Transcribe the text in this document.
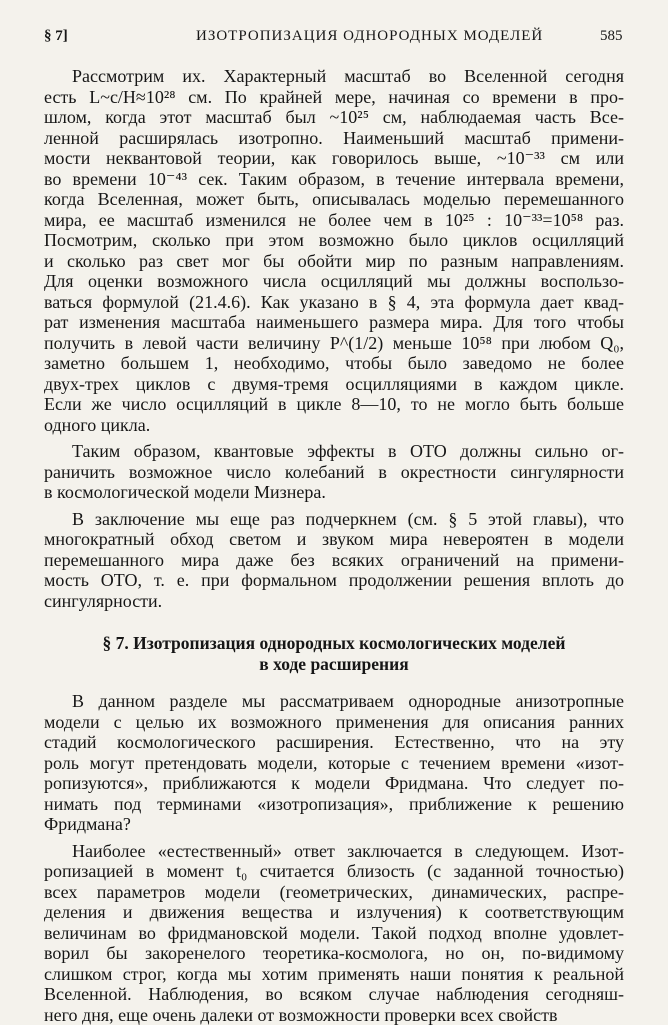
§ 7]	ИЗОТРОПИЗАЦИЯ ОДНОРОДНЫХ МОДЕЛЕЙ	585
Рассмотрим их. Характерный масштаб во Вселенной сегодня
есть L~c/H≈10²⁸ см. По крайней мере, начиная со времени в про-
шлом, когда этот масштаб был ~10²⁵ см, наблюдаемая часть Все-
ленной расширялась изотропно. Наименьший масштаб примени-
мости неквантовой теории, как говорилось выше, ~10⁻³³ см или
во времени 10⁻⁴³ сек. Таким образом, в течение интервала времени,
когда Вселенная, может быть, описывалась моделью перемешанного
мира, ее масштаб изменился не более чем в 10²⁵ : 10⁻³³=10⁵⁸ раз.
Посмотрим, сколько при этом возможно было циклов осцилляций
и сколько раз свет мог бы обойти мир по разным направлениям.
Для оценки возможного числа осцилляций мы должны воспользо-
ваться формулой (21.4.6). Как указано в § 4, эта формула дает квад-
рат изменения масштаба наименьшего размера мира. Для того чтобы
получить в левой части величину P^(1/2) меньше 10⁵⁸ при любом Q₀,
заметно большем 1, необходимо, чтобы было заведомо не более
двух-трех циклов с двумя-тремя осцилляциями в каждом цикле.
Если же число осцилляций в цикле 8—10, то не могло быть больше
одного цикла.
Таким образом, квантовые эффекты в ОТО должны сильно ог-
раничить возможное число колебаний в окрестности сингулярности
в космологической модели Мизнера.
В заключение мы еще раз подчеркнем (см. § 5 этой главы), что
многократный обход светом и звуком мира невероятен в модели
перемешанного мира даже без всяких ограничений на примени-
мость ОТО, т. е. при формальном продолжении решения вплоть до
сингулярности.
§ 7. Изотропизация однородных космологических моделей
в ходе расширения
В данном разделе мы рассматриваем однородные анизотропные
модели с целью их возможного применения для описания ранних
стадий космологического расширения. Естественно, что на эту
роль могут претендовать модели, которые с течением времени «изот-
ропизуются», приближаются к модели Фридмана. Что следует по-
нимать под терминами «изотропизация», приближение к решению
Фридмана?
Наиболее «естественный» ответ заключается в следующем. Изот-
ропизацией в момент t₀ считается близость (с заданной точностью)
всех параметров модели (геометрических, динамических, распре-
деления и движения вещества и излучения) к соответствующим
величинам во фридмановской модели. Такой подход вполне удовлет-
ворил бы закоренелого теоретика-космолога, но он, по-видимому
слишком строг, когда мы хотим применять наши понятия к реальной
Вселенной. Наблюдения, во всяком случае наблюдения сегодняш-
него дня, еще очень далеки от возможности проверки всех свойств
